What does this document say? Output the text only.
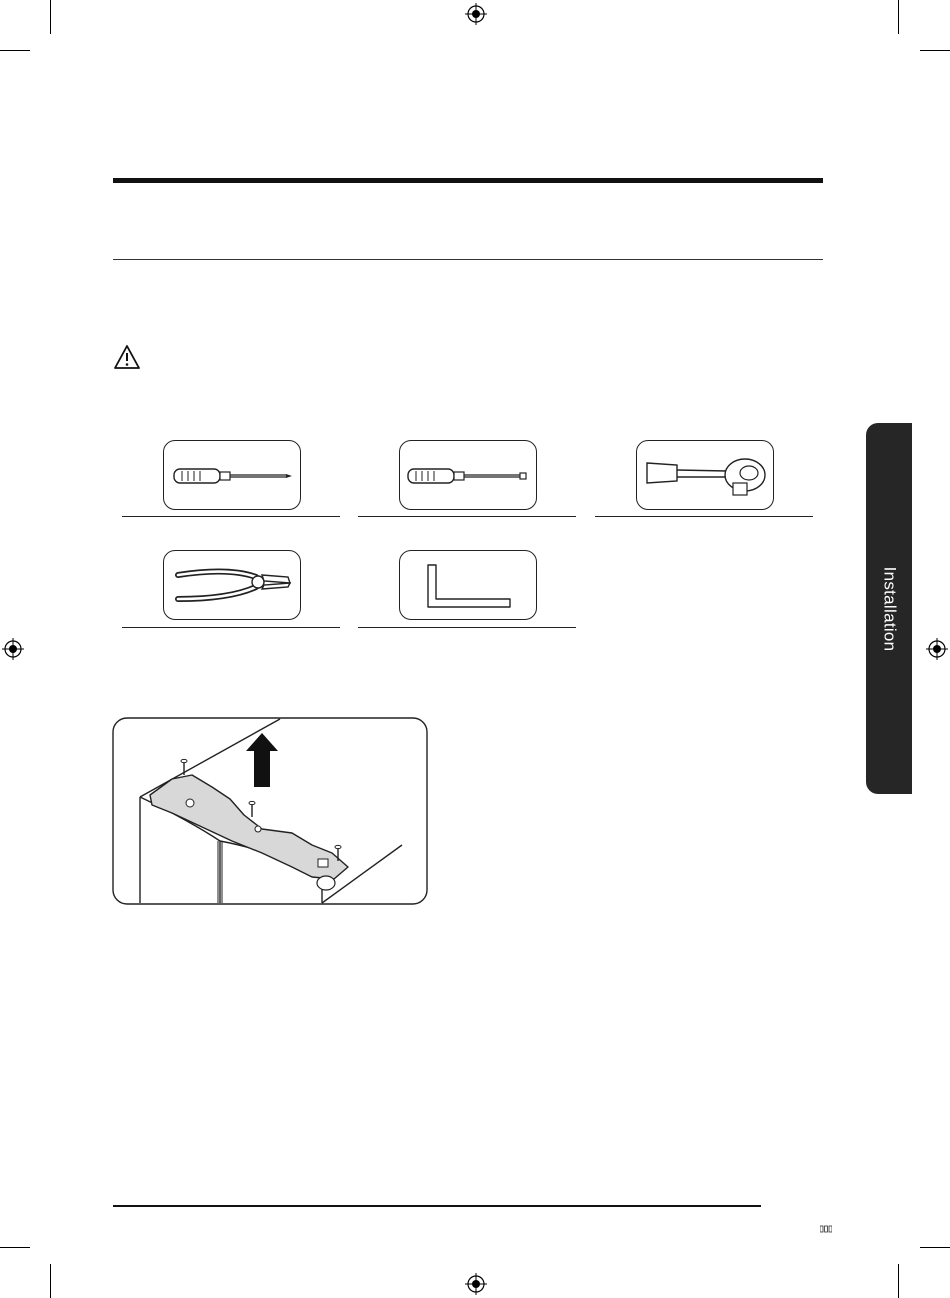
Installation
